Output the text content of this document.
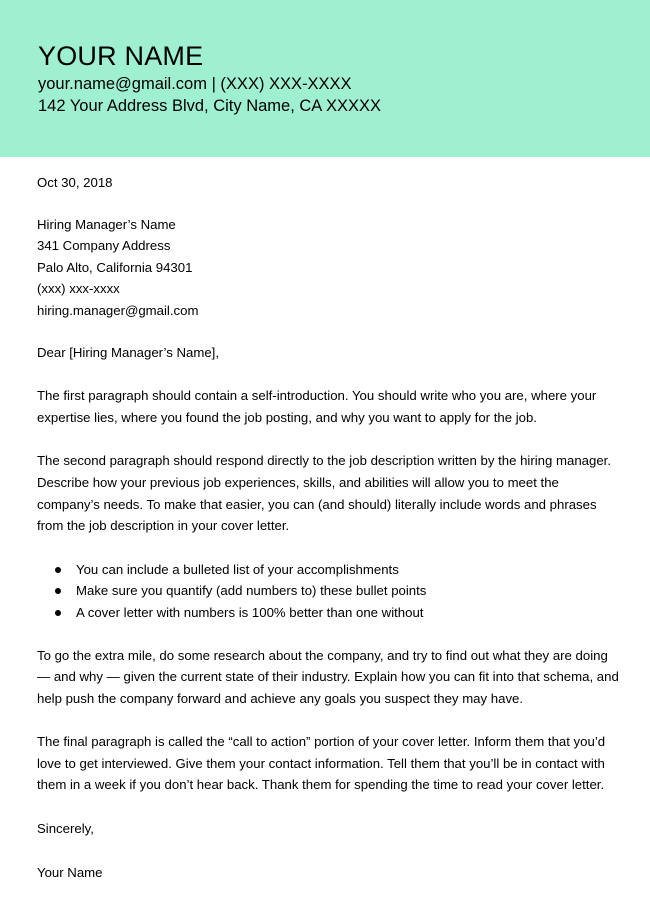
YOUR NAME

your.name@gmail.com | (XXX) XXX-XXXX

142 Your Address Blvd, City Name, CA XXXXX

Oct 30, 2018

Hiring Manager’s Name

341 Company Address

Palo Alto, California 94301

(xxx) xxx-xxxx

hiring.manager@gmail.com

Dear [Hiring Manager’s Name],

The first paragraph should contain a self-introduction. You should write who you are, where your expertise lies, where you found the job posting, and why you want to apply for the job.

The second paragraph should respond directly to the job description written by the hiring manager. Describe how your previous job experiences, skills, and abilities will allow you to meet the company’s needs. To make that easier, you can (and should) literally include words and phrases from the job description in your cover letter.

You can include a bulleted list of your accomplishments
Make sure you quantify (add numbers to) these bullet points
A cover letter with numbers is 100% better than one without

To go the extra mile, do some research about the company, and try to find out what they are doing — and why — given the current state of their industry. Explain how you can fit into that schema, and help push the company forward and achieve any goals you suspect they may have.

The final paragraph is called the “call to action” portion of your cover letter. Inform them that you’d love to get interviewed. Give them your contact information. Tell them that you’ll be in contact with them in a week if you don’t hear back. Thank them for spending the time to read your cover letter.

Sincerely,

Your Name
